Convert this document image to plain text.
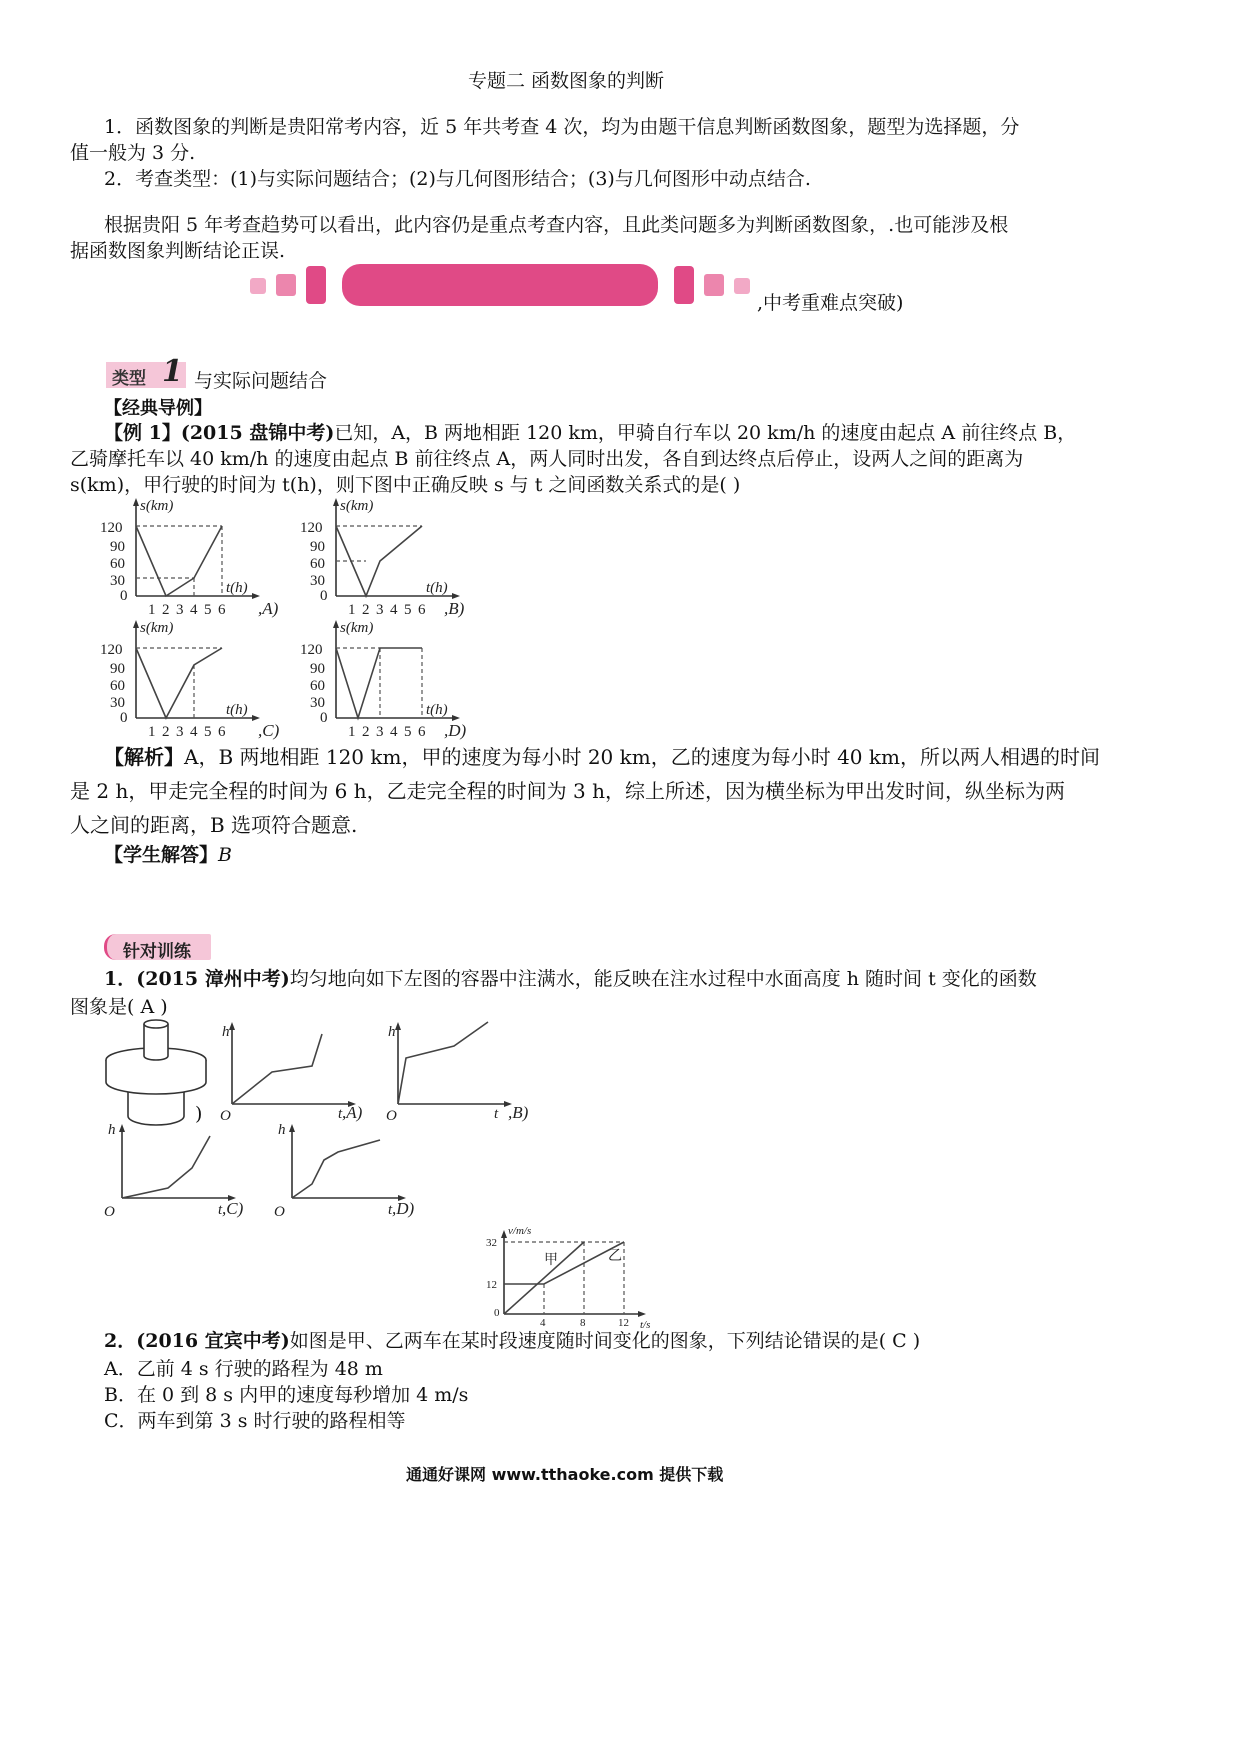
专题二 函数图象的判断
1．函数图象的判断是贵阳常考内容，近 5 年共考查 4 次，均为由题干信息判断函数图象，题型为选择题，分
值一般为 3 分.
2．考查类型：(1)与实际问题结合；(2)与几何图形结合；(3)与几何图形中动点结合.
根据贵阳 5 年考查趋势可以看出，此内容仍是重点考查内容，且此类问题多为判断函数图象，.也可能涉及根
据函数图象判断结论正误.
,中考重难点突破)
类型 1 与实际问题结合
【经典导例】
【例 1】(2015 盘锦中考)已知，A，B 两地相距 120 km，甲骑自行车以 20 km/h 的速度由起点 A 前往终点 B，
乙骑摩托车以 40 km/h 的速度由起点 B 前往终点 A，两人同时出发，各自到达终点后停止，设两人之间的距离为
s(km)，甲行驶的时间为 t(h)，则下图中正确反映 s 与 t 之间函数关系式的是( )
s(km)
t(h)
120
90
60
30
0
1 2 3 4 5 6 ,A)
s(km)
t(h)
120
90
60
30
0
1 2 3 4 5 6 ,B)
s(km)
t(h)
120
90
60
30
0
1 2 3 4 5 6 ,C)
s(km)
t(h)
120
90
60
30
0
1 2 3 4 5 6 ,D)
【解析】A，B 两地相距 120 km，甲的速度为每小时 20 km，乙的速度为每小时 40 km，所以两人相遇的时间
是 2 h，甲走完全程的时间为 6 h，乙走完全程的时间为 3 h，综上所述，因为横坐标为甲出发时间，纵坐标为两
人之间的距离，B 选项符合题意.
【学生解答】B
针对训练
1．(2015 漳州中考)均匀地向如下左图的容器中注满水，能反映在注水过程中水面高度 h 随时间 t 变化的函数
图象是( A )
)
h
O	t ,A)
h
O	t ,B)
h
O	t ,C)
h
O	t ,D)
v/m/s
t/s
32
12
0
4	8	12
甲	乙
2．(2016 宜宾中考)如图是甲、乙两车在某时段速度随时间变化的图象，下列结论错误的是( C )
A．乙前 4 s 行驶的路程为 48 m
B．在 0 到 8 s 内甲的速度每秒增加 4 m/s
C．两车到第 3 s 时行驶的路程相等
通通好课网 www.tthaoke.com 提供下载
